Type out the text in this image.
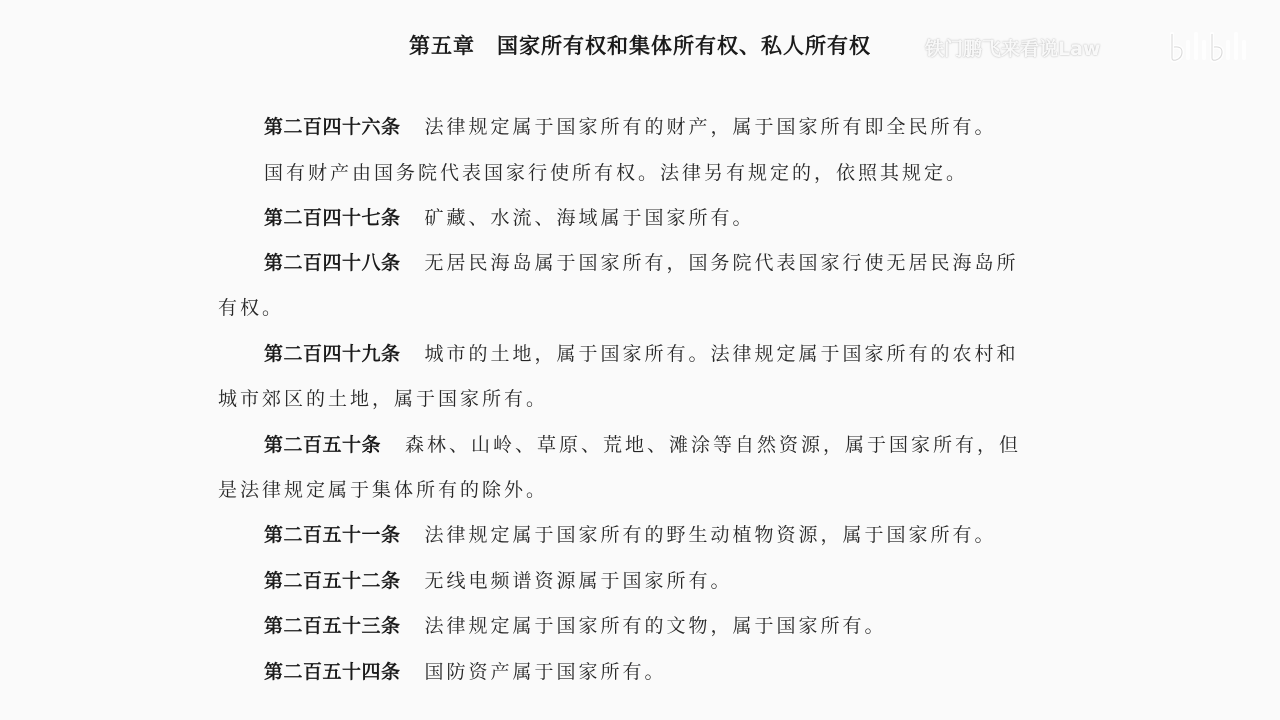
第五章 国家所有权和集体所有权、私人所有权	铁门鹏飞来看说Law
第二百四十六条 法律规定属于国家所有的财产，属于国家所有即全民所有。
国有财产由国务院代表国家行使所有权。法律另有规定的，依照其规定。
第二百四十七条 矿藏、水流、海域属于国家所有。
第二百四十八条 无居民海岛属于国家所有，国务院代表国家行使无居民海岛所
有权。
第二百四十九条 城市的土地，属于国家所有。法律规定属于国家所有的农村和
城市郊区的土地，属于国家所有。
第二百五十条 森林、山岭、草原、荒地、滩涂等自然资源，属于国家所有，但
是法律规定属于集体所有的除外。
第二百五十一条 法律规定属于国家所有的野生动植物资源，属于国家所有。
第二百五十二条 无线电频谱资源属于国家所有。
第二百五十三条 法律规定属于国家所有的文物，属于国家所有。
第二百五十四条 国防资产属于国家所有。
